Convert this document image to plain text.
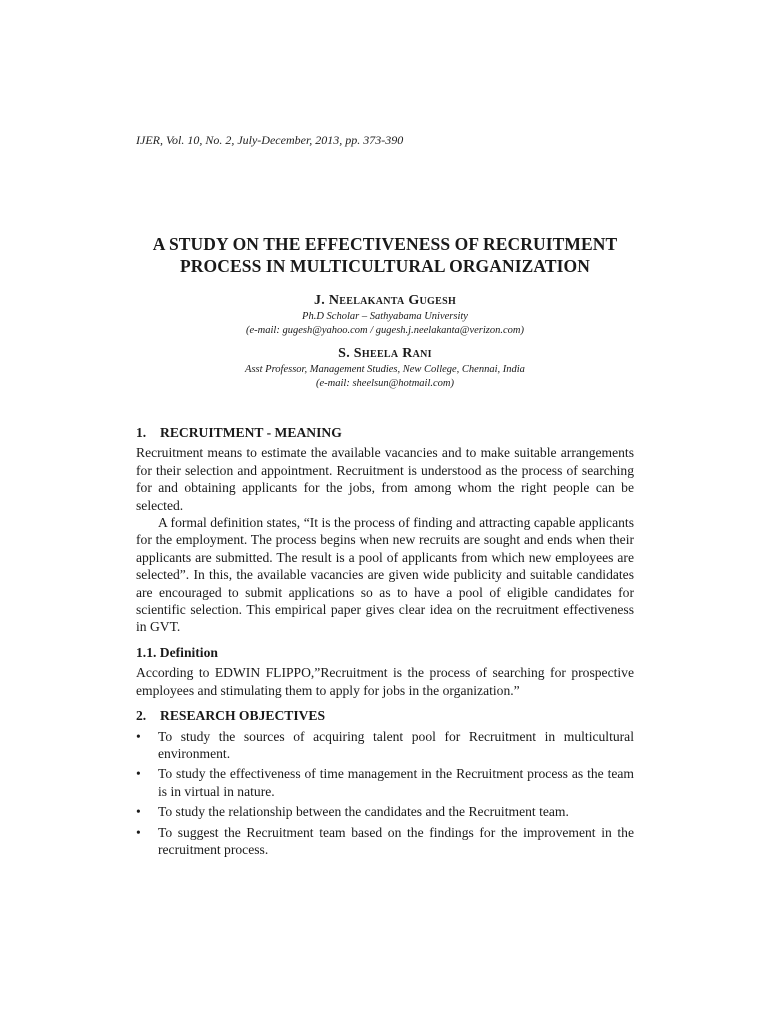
IJER, Vol. 10, No. 2, July-December, 2013, pp. 373-390
A STUDY ON THE EFFECTIVENESS OF RECRUITMENT
PROCESS IN MULTICULTURAL ORGANIZATION
J. Neelakanta Gugesh
Ph.D Scholar – Sathyabama University
(e-mail: gugesh@yahoo.com / gugesh.j.neelakanta@verizon.com)
S. Sheela Rani
Asst Professor, Management Studies, New College, Chennai, India
(e-mail: sheelsun@hotmail.com)
1. RECRUITMENT - MEANING

Recruitment means to estimate the available vacancies and to make suitable arrangements for their selection and appointment. Recruitment is understood as the process of searching for and obtaining applicants for the jobs, from among whom the right people can be selected.

A formal definition states, “It is the process of finding and attracting capable applicants for the employment. The process begins when new recruits are sought and ends when their applicants are submitted. The result is a pool of applicants from which new employees are selected”. In this, the available vacancies are given wide publicity and suitable candidates are encouraged to submit applications so as to have a pool of eligible candidates for scientific selection. This empirical paper gives clear idea on the recruitment effectiveness in GVT.

1.1. Definition

According to EDWIN FLIPPO,”Recruitment is the process of searching for prospective employees and stimulating them to apply for jobs in the organization.”

2. RESEARCH OBJECTIVES
• To study the sources of acquiring talent pool for Recruitment in multicultural environment.
• To study the effectiveness of time management in the Recruitment process as the team is in virtual in nature.
• To study the relationship between the candidates and the Recruitment team.
• To suggest the Recruitment team based on the findings for the improvement in the recruitment process.
